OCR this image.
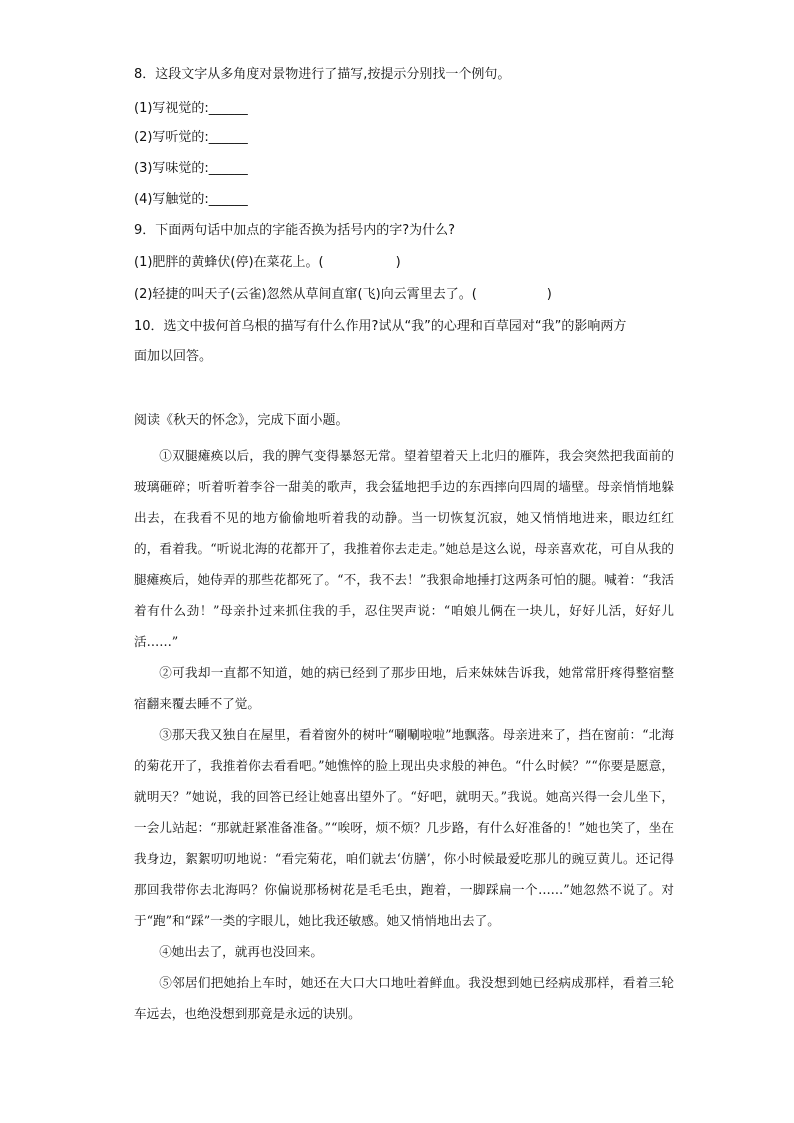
8．这段文字从多角度对景物进行了描写,按提示分别找一个例句。
(1)写视觉的:______
(2)写听觉的:______
(3)写味觉的:______
(4)写触觉的:______
9．下面两句话中加点的字能否换为括号内的字?为什么?
(1)肥胖的黄蜂伏(停)在菜花上。(	)
(2)轻捷的叫天子(云雀)忽然从草间直窜(飞)向云霄里去了。(	)
10．选文中拔何首乌根的描写有什么作用?试从“我”的心理和百草园对“我”的影响两方
面加以回答。
阅读《秋天的怀念》，完成下面小题。

①双腿瘫痪以后，我的脾气变得暴怒无常。望着望着天上北归的雁阵，我会突然把我面前的玻璃砸碎；听着听着李谷一甜美的歌声，我会猛地把手边的东西摔向四周的墙壁。母亲悄悄地躲出去，在我看不见的地方偷偷地听着我的动静。当一切恢复沉寂，她又悄悄地进来，眼边红红的，看着我。“听说北海的花都开了，我推着你去走走。”她总是这么说，母亲喜欢花，可自从我的腿瘫痪后，她侍弄的那些花都死了。“不，我不去！”我狠命地捶打这两条可怕的腿。喊着：“我活着有什么劲！”母亲扑过来抓住我的手，忍住哭声说：“咱娘儿俩在一块儿，好好儿活，好好儿活……”

②可我却一直都不知道，她的病已经到了那步田地，后来妹妹告诉我，她常常肝疼得整宿整宿翻来覆去睡不了觉。

③那天我又独自在屋里，看着窗外的树叶“唰唰啦啦”地飘落。母亲进来了，挡在窗前：“北海的菊花开了，我推着你去看看吧。”她憔悴的脸上现出央求般的神色。“什么时候？”“你要是愿意，就明天？”她说，我的回答已经让她喜出望外了。“好吧，就明天。”我说。她高兴得一会儿坐下，一会儿站起：“那就赶紧准备准备。”“唉呀，烦不烦？几步路，有什么好准备的！”她也笑了，坐在我身边，絮絮叨叨地说：“看完菊花，咱们就去‘仿膳’，你小时候最爱吃那儿的豌豆黄儿。还记得那回我带你去北海吗？你偏说那杨树花是毛毛虫，跑着，一脚踩扁一个……”她忽然不说了。对于“跑”和“踩”一类的字眼儿，她比我还敏感。她又悄悄地出去了。

④她出去了，就再也没回来。

⑤邻居们把她抬上车时，她还在大口大口地吐着鲜血。我没想到她已经病成那样，看着三轮车远去，也绝没想到那竟是永远的诀别。
